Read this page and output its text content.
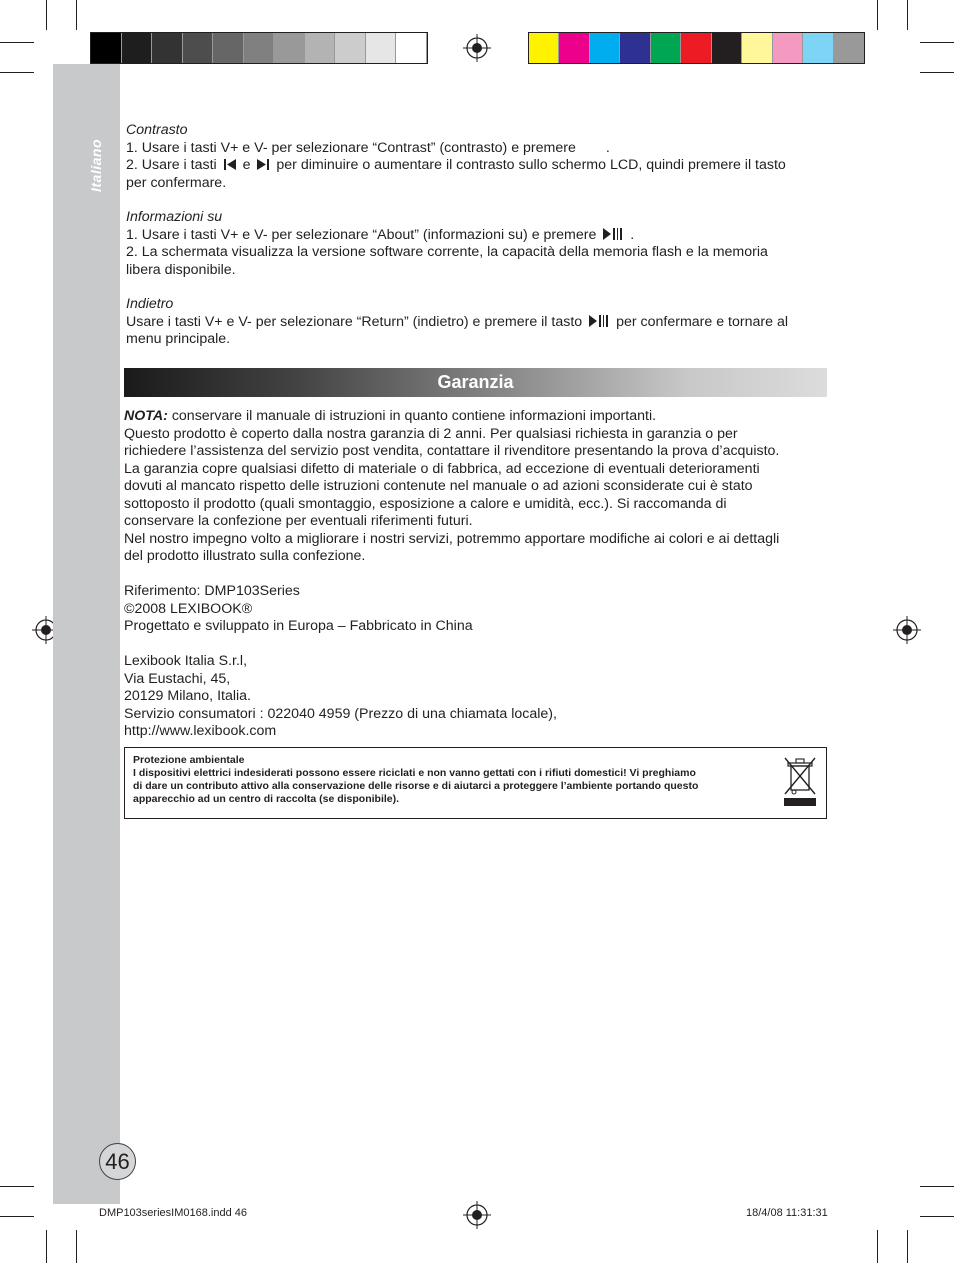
Italiano
46
Contrasto
1. Usare i tasti V+ e V- per selezionare “Contrast” (contrasto) e premere .
2. Usare i tasti e per diminuire o aumentare il contrasto sullo schermo LCD, quindi premere il tasto
per confermare.
Informazioni su
1. Usare i tasti V+ e V- per selezionare “About” (informazioni su) e premere .
2. La schermata visualizza la versione software corrente, la capacità della memoria flash e la memoria
libera disponibile.
Indietro
Usare i tasti V+ e V- per selezionare “Return” (indietro) e premere il tasto per confermare e tornare al
menu principale.
Garanzia
NOTA: conservare il manuale di istruzioni in quanto contiene informazioni importanti.
Questo prodotto è coperto dalla nostra garanzia di 2 anni. Per qualsiasi richiesta in garanzia o per
richiedere l’assistenza del servizio post vendita, contattare il rivenditore presentando la prova d’acquisto.
La garanzia copre qualsiasi difetto di materiale o di fabbrica, ad eccezione di eventuali deterioramenti
dovuti al mancato rispetto delle istruzioni contenute nel manuale o ad azioni sconsiderate cui è stato
sottoposto il prodotto (quali smontaggio, esposizione a calore e umidità, ecc.). Si raccomanda di
conservare la confezione per eventuali riferimenti futuri.
Nel nostro impegno volto a migliorare i nostri servizi, potremmo apportare modifiche ai colori e ai dettagli
del prodotto illustrato sulla confezione.
Riferimento: DMP103Series
©2008 LEXIBOOK®
Progettato e sviluppato in Europa – Fabbricato in China
Lexibook Italia S.r.l,
Via Eustachi, 45,
20129 Milano, Italia.
Servizio consumatori : 022040 4959 (Prezzo di una chiamata locale),
http://www.lexibook.com
Protezione ambientale
I dispositivi elettrici indesiderati possono essere riciclati e non vanno gettati con i rifiuti domestici! Vi preghiamo
di dare un contributo attivo alla conservazione delle risorse e di aiutarci a proteggere l’ambiente portando questo
apparecchio ad un centro di raccolta (se disponibile).
DMP103seriesIM0168.indd 46	18/4/08 11:31:31
